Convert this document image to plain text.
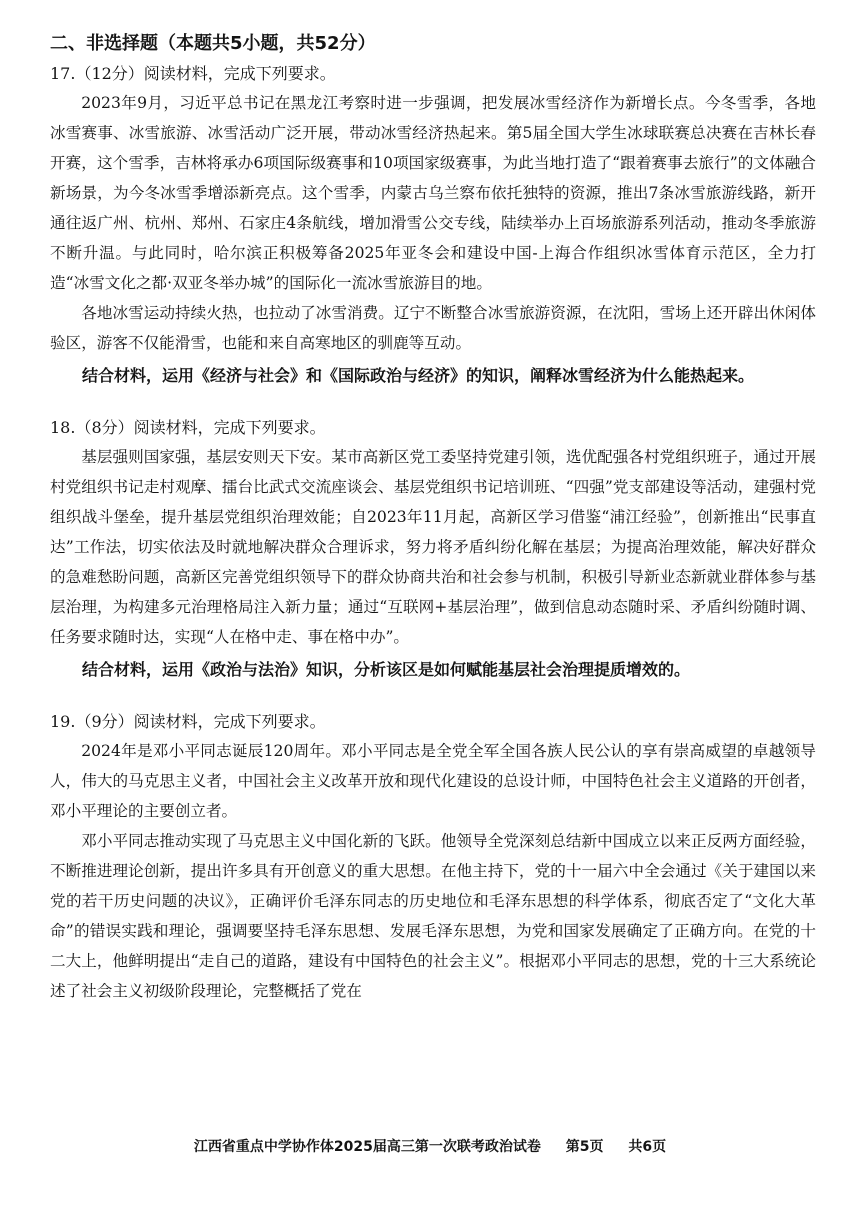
二、非选择题（本题共5小题，共52分）
17.（12分）阅读材料，完成下列要求。

2023年9月，习近平总书记在黑龙江考察时进一步强调，把发展冰雪经济作为新增长点。今冬雪季，各地冰雪赛事、冰雪旅游、冰雪活动广泛开展，带动冰雪经济热起来。第5届全国大学生冰球联赛总决赛在吉林长春开赛，这个雪季，吉林将承办6项国际级赛事和10项国家级赛事，为此当地打造了“跟着赛事去旅行”的文体融合新场景，为今冬冰雪季增添新亮点。这个雪季，内蒙古乌兰察布依托独特的资源，推出7条冰雪旅游线路，新开通往返广州、杭州、郑州、石家庄4条航线，增加滑雪公交专线，陆续举办上百场旅游系列活动，推动冬季旅游不断升温。与此同时，哈尔滨正积极筹备2025年亚冬会和建设中国-上海合作组织冰雪体育示范区，全力打造“冰雪文化之都·双亚冬举办城”的国际化一流冰雪旅游目的地。

各地冰雪运动持续火热，也拉动了冰雪消费。辽宁不断整合冰雪旅游资源，在沈阳，雪场上还开辟出休闲体验区，游客不仅能滑雪，也能和来自高寒地区的驯鹿等互动。

结合材料，运用《经济与社会》和《国际政治与经济》的知识，阐释冰雪经济为什么能热起来。

18.（8分）阅读材料，完成下列要求。

基层强则国家强，基层安则天下安。某市高新区党工委坚持党建引领，选优配强各村党组织班子，通过开展村党组织书记走村观摩、擂台比武式交流座谈会、基层党组织书记培训班、“四强”党支部建设等活动，建强村党组织战斗堡垒，提升基层党组织治理效能；自2023年11月起，高新区学习借鉴“浦江经验”，创新推出“民事直达”工作法，切实依法及时就地解决群众合理诉求，努力将矛盾纠纷化解在基层；为提高治理效能，解决好群众的急难愁盼问题，高新区完善党组织领导下的群众协商共治和社会参与机制，积极引导新业态新就业群体参与基层治理，为构建多元治理格局注入新力量；通过“互联网+基层治理”，做到信息动态随时采、矛盾纠纷随时调、任务要求随时达，实现“人在格中走、事在格中办”。

结合材料，运用《政治与法治》知识，分析该区是如何赋能基层社会治理提质增效的。

19.（9分）阅读材料，完成下列要求。

2024年是邓小平同志诞辰120周年。邓小平同志是全党全军全国各族人民公认的享有崇高威望的卓越领导人，伟大的马克思主义者，中国社会主义改革开放和现代化建设的总设计师，中国特色社会主义道路的开创者，邓小平理论的主要创立者。

邓小平同志推动实现了马克思主义中国化新的飞跃。他领导全党深刻总结新中国成立以来正反两方面经验，不断推进理论创新，提出许多具有开创意义的重大思想。在他主持下，党的十一届六中全会通过《关于建国以来党的若干历史问题的决议》，正确评价毛泽东同志的历史地位和毛泽东思想的科学体系，彻底否定了“文化大革命”的错误实践和理论，强调要坚持毛泽东思想、发展毛泽东思想，为党和国家发展确定了正确方向。在党的十二大上，他鲜明提出“走自己的道路，建设有中国特色的社会主义”。根据邓小平同志的思想，党的十三大系统论述了社会主义初级阶段理论，完整概括了党在

江西省重点中学协作体2025届高三第一次联考政治试卷 第5页 共6页
